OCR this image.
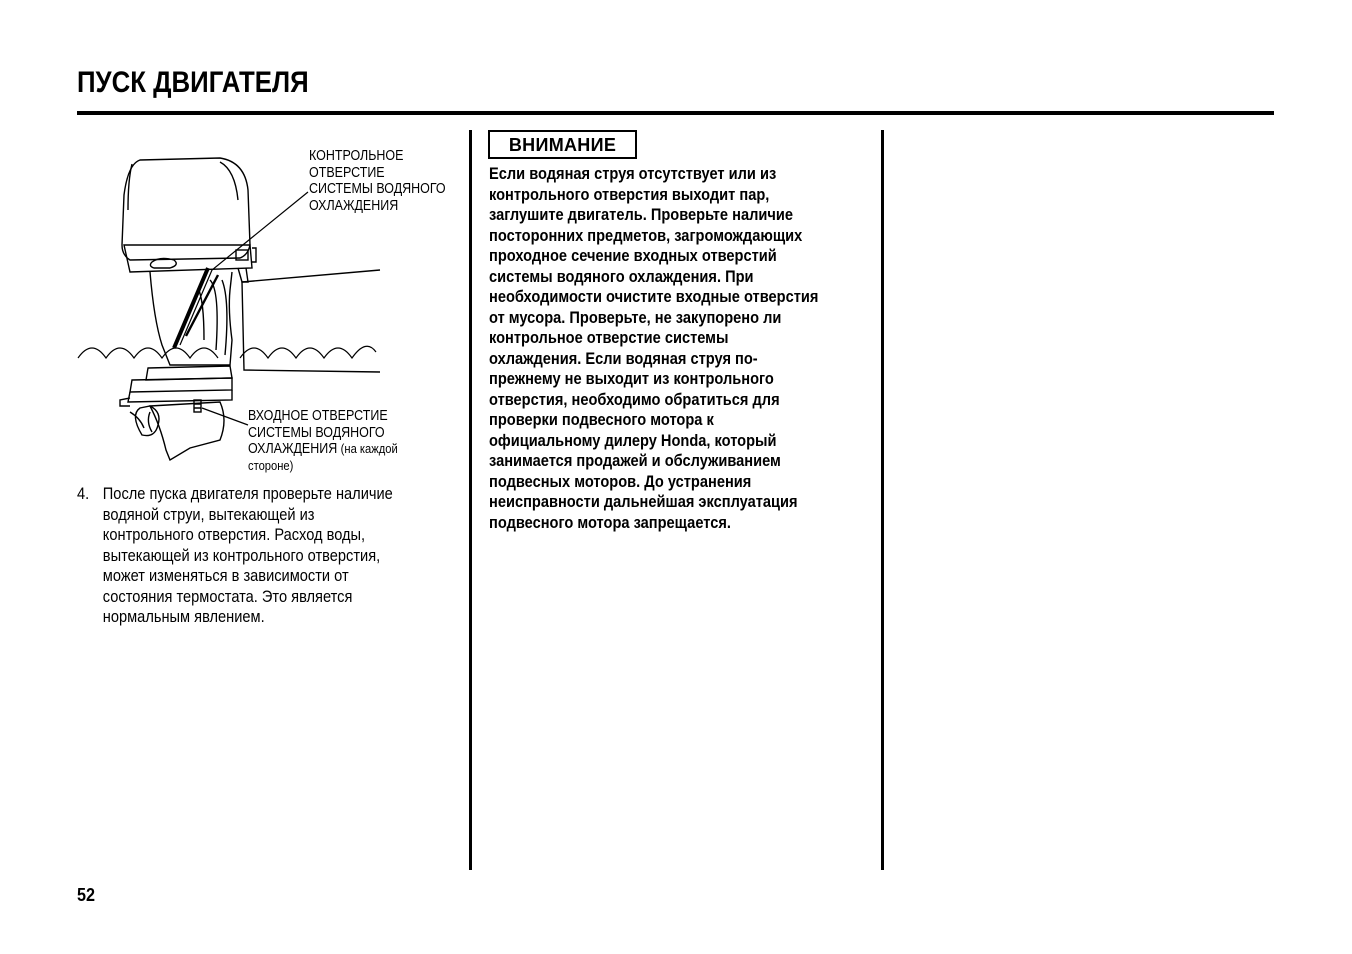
ПУСК ДВИГАТЕЛЯ
КОНТРОЛЬНОЕ
ОТВЕРСТИЕ
СИСТЕМЫ ВОДЯНОГО
ОХЛАЖДЕНИЯ
ВХОДНОЕ ОТВЕРСТИЕ
СИСТЕМЫ ВОДЯНОГО
ОХЛАЖДЕНИЯ (на каждой
стороне)
4. После пуска двигателя проверьте наличие
водяной струи, вытекающей из
контрольного отверстия. Расход воды,
вытекающей из контрольного отверстия,
может изменяться в зависимости от
состояния термостата. Это является
нормальным явлением.
ВНИМАНИЕ
Если водяная струя отсутствует или из
контрольного отверстия выходит пар,
заглушите двигатель. Проверьте наличие
посторонних предметов, загромождающих
проходное сечение входных отверстий
системы водяного охлаждения. При
необходимости очистите входные отверстия
от мусора. Проверьте, не закупорено ли
контрольное отверстие системы
охлаждения. Если водяная струя по-
прежнему не выходит из контрольного
отверстия, необходимо обратиться для
проверки подвесного мотора к
официальному дилеру Honda, который
занимается продажей и обслуживанием
подвесных моторов. До устранения
неисправности дальнейшая эксплуатация
подвесного мотора запрещается.
52
